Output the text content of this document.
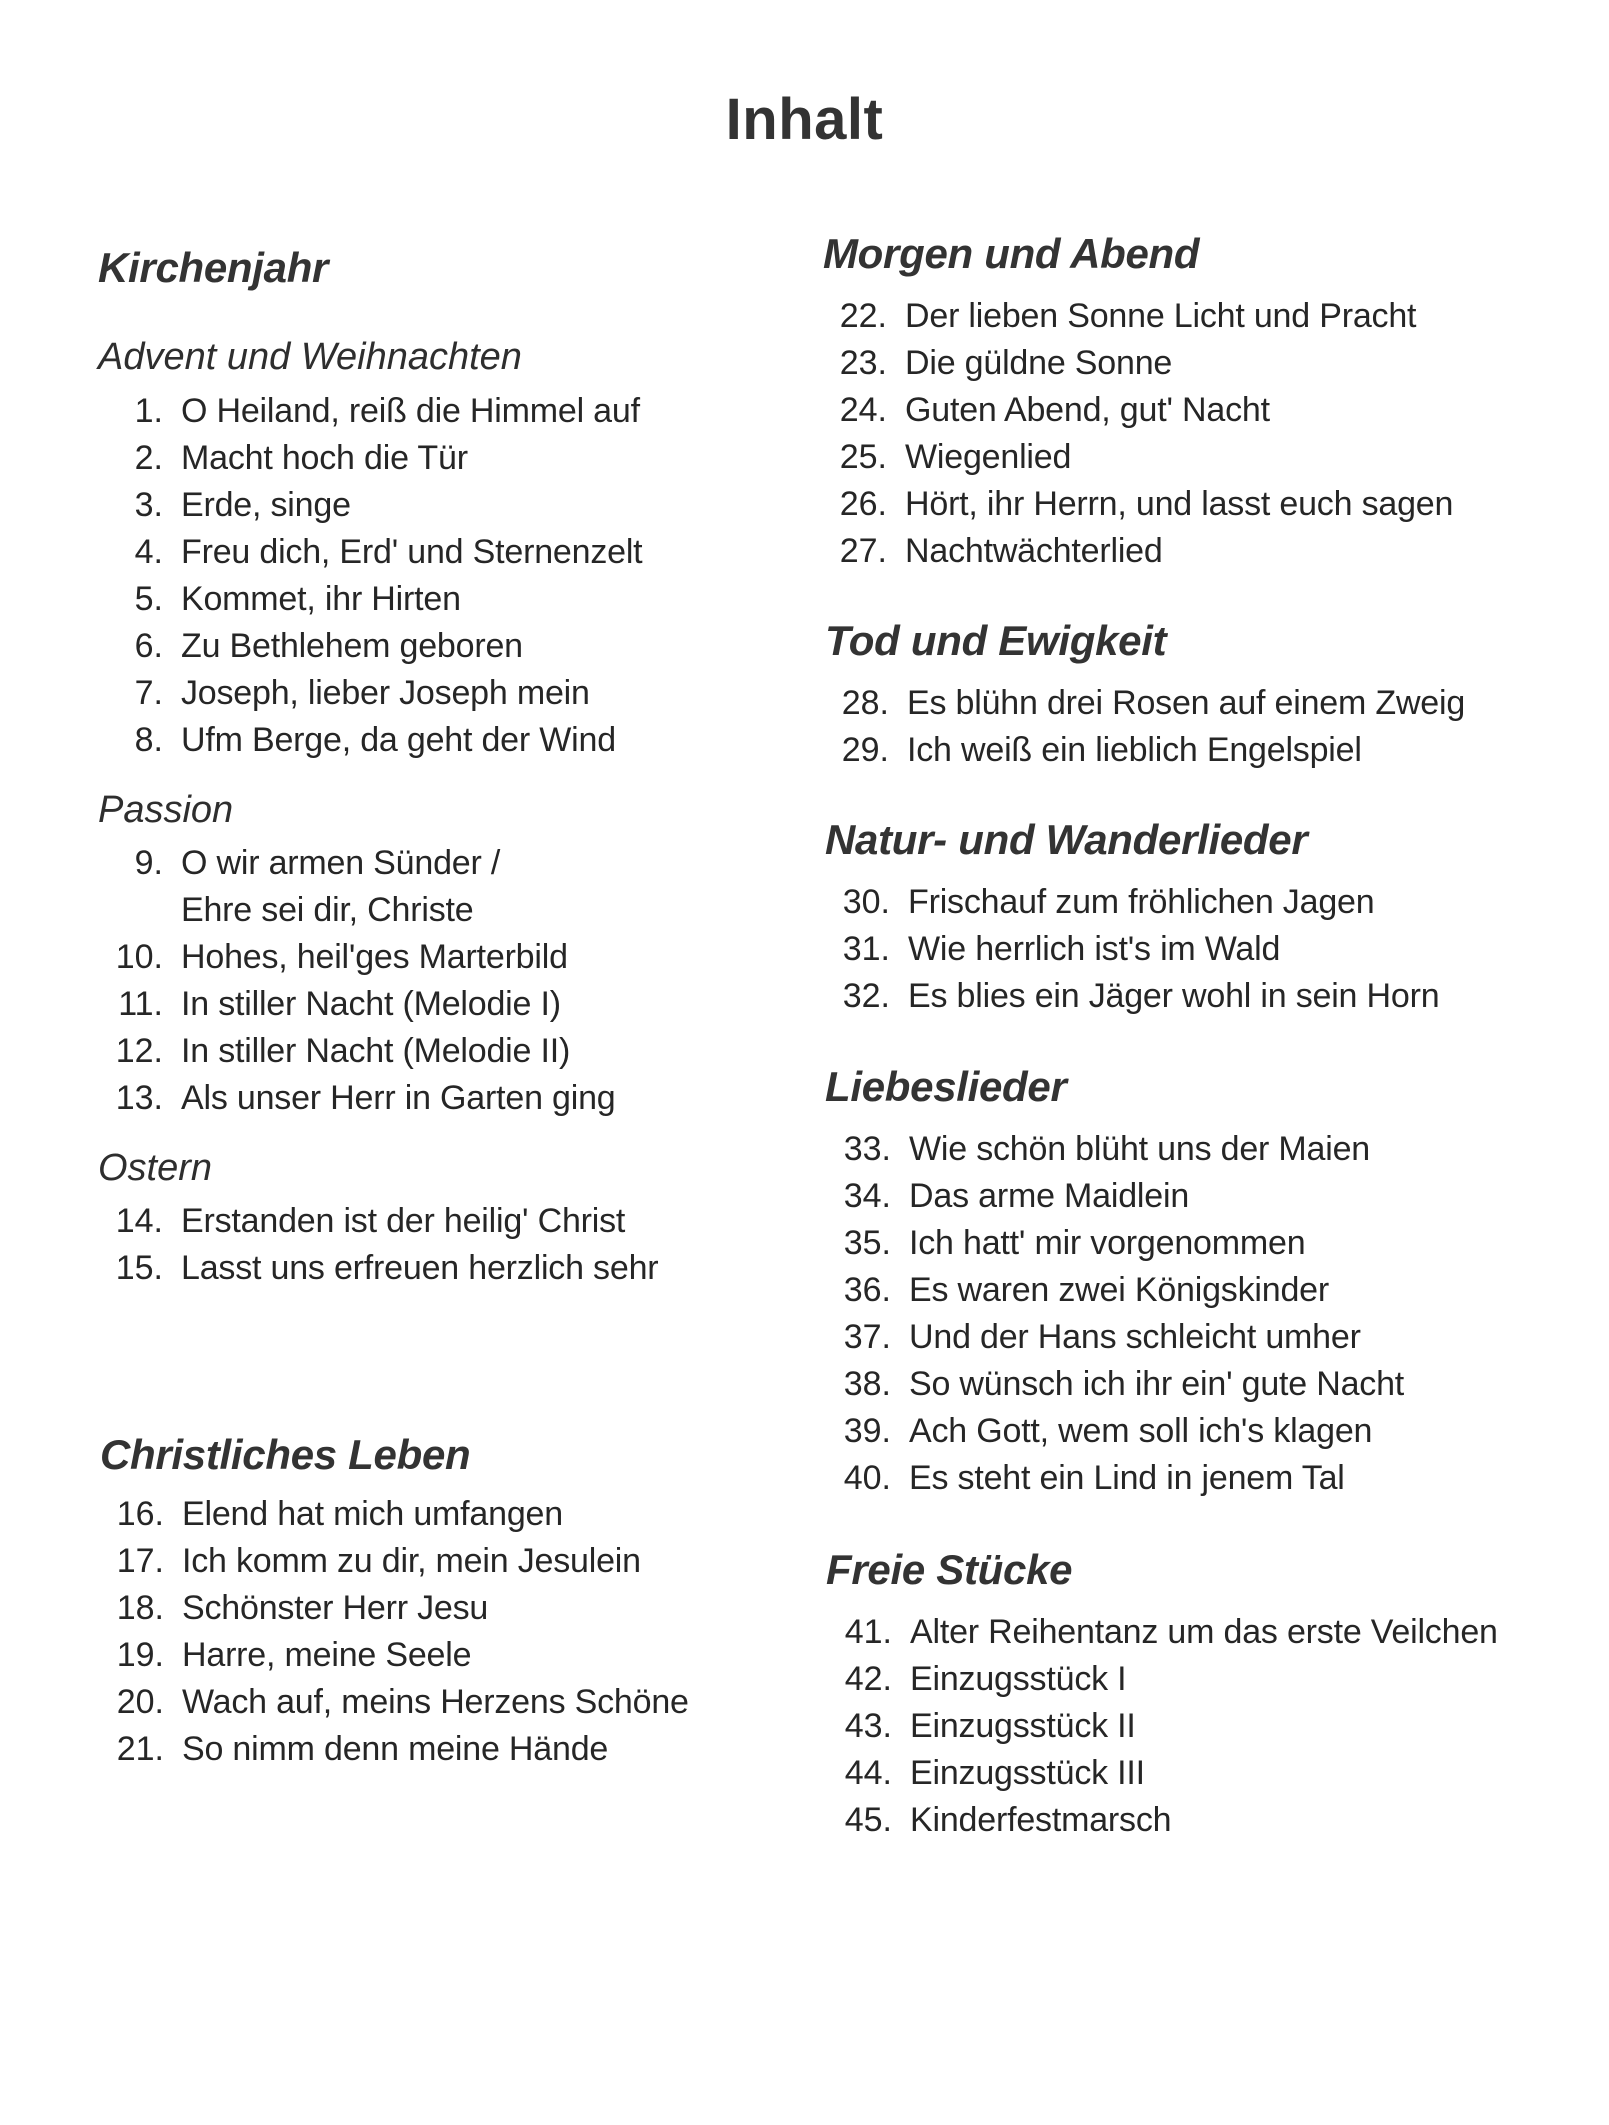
Inhalt
Kirchenjahr
Advent und Weihnachten
1. O Heiland, reiß die Himmel auf
2. Macht hoch die Tür
3. Erde, singe
4. Freu dich, Erd' und Sternenzelt
5. Kommet, ihr Hirten
6. Zu Bethlehem geboren
7. Joseph, lieber Joseph mein
8. Ufm Berge, da geht der Wind
Passion
9. O wir armen Sünder /
Ehre sei dir, Christe
10. Hohes, heil'ges Marterbild
11. In stiller Nacht (Melodie I)
12. In stiller Nacht (Melodie II)
13. Als unser Herr in Garten ging
Ostern
14. Erstanden ist der heilig' Christ
15. Lasst uns erfreuen herzlich sehr
Christliches Leben
16. Elend hat mich umfangen
17. Ich komm zu dir, mein Jesulein
18. Schönster Herr Jesu
19. Harre, meine Seele
20. Wach auf, meins Herzens Schöne
21. So nimm denn meine Hände
Morgen und Abend
22. Der lieben Sonne Licht und Pracht
23. Die güldne Sonne
24. Guten Abend, gut' Nacht
25. Wiegenlied
26. Hört, ihr Herrn, und lasst euch sagen
27. Nachtwächterlied
Tod und Ewigkeit
28. Es blühn drei Rosen auf einem Zweig
29. Ich weiß ein lieblich Engelspiel
Natur- und Wanderlieder
30. Frischauf zum fröhlichen Jagen
31. Wie herrlich ist's im Wald
32. Es blies ein Jäger wohl in sein Horn
Liebeslieder
33. Wie schön blüht uns der Maien
34. Das arme Maidlein
35. Ich hatt' mir vorgenommen
36. Es waren zwei Königskinder
37. Und der Hans schleicht umher
38. So wünsch ich ihr ein' gute Nacht
39. Ach Gott, wem soll ich's klagen
40. Es steht ein Lind in jenem Tal
Freie Stücke
41. Alter Reihentanz um das erste Veilchen
42. Einzugsstück I
43. Einzugsstück II
44. Einzugsstück III
45. Kinderfestmarsch
